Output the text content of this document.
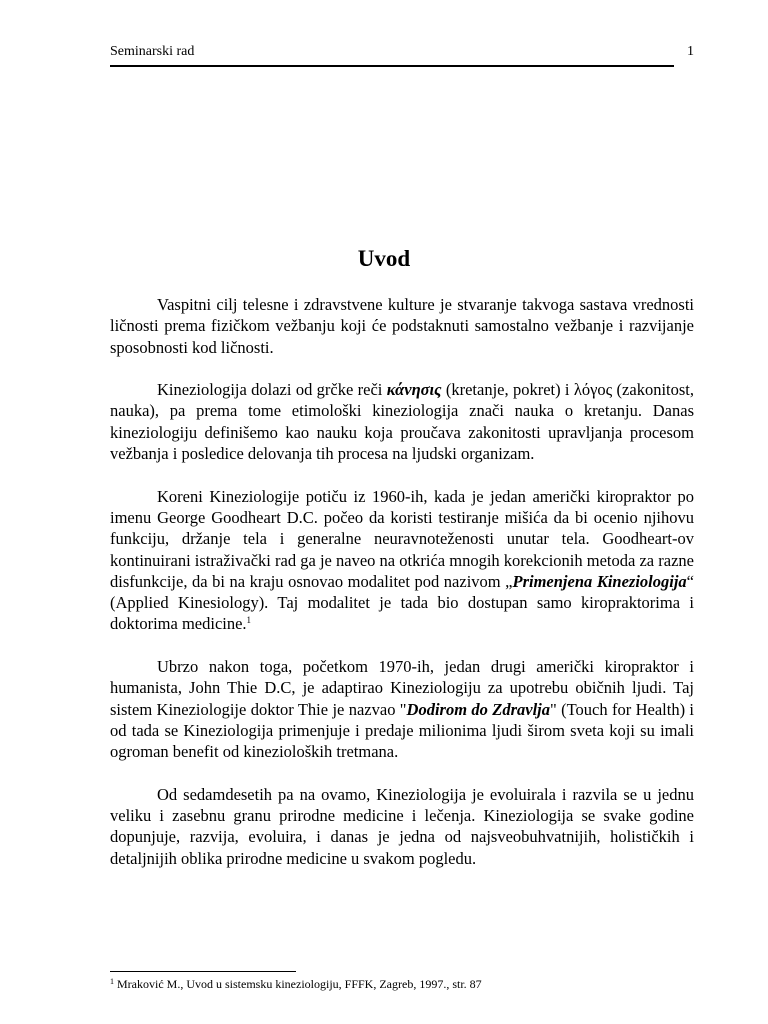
Seminarski rad	1
Uvod

Vaspitni cilj telesne i zdravstvene kulture je stvaranje takvoga sastava vrednosti ličnosti prema fizičkom vežbanju koji će podstaknuti samostalno vežbanje i razvijanje sposobnosti kod ličnosti.

Kineziologija dolazi od grčke reči κάνησις (kretanje, pokret) i λόγος (zakonitost, nauka), pa prema tome etimološki kineziologija znači nauka o kretanju. Danas kineziologiju definišemo kao nauku koja proučava zakonitosti upravljanja procesom vežbanja i posledice delovanja tih procesa na ljudski organizam.

Koreni Kineziologije potiču iz 1960-ih, kada je jedan američki kiropraktor po imenu George Goodheart D.C. počeo da koristi testiranje mišića da bi ocenio njihovu funkciju, držanje tela i generalne neuravnoteženosti unutar tela. Goodheart-ov kontinuirani istraživački rad ga je naveo na otkrića mnogih korekcionih metoda za razne disfunkcije, da bi na kraju osnovao modalitet pod nazivom „Primenjena Kineziologija“ (Applied Kinesiology). Taj modalitet je tada bio dostupan samo kiropraktorima i doktorima medicine.$^1$

Ubrzo nakon toga, početkom 1970-ih, jedan drugi američki kiropraktor i humanista, John Thie D.C, je adaptirao Kineziologiju za upotrebu običnih ljudi. Taj sistem Kineziologije doktor Thie je nazvao "Dodirom do Zdravlja" (Touch for Health) i od tada se Kineziologija primenjuje i predaje milionima ljudi širom sveta koji su imali ogroman benefit od kinezioloških tretmana.

Od sedamdesetih pa na ovamo, Kineziologija je evoluirala i razvila se u jednu veliku i zasebnu granu prirodne medicine i lečenja. Kineziologija se svake godine dopunjuje, razvija, evoluira, i danas je jedna od najsveobuhvatnijih, holističkih i detaljnijih oblika prirodne medicine u svakom pogledu.

$^1$ Mraković M., Uvod u sistemsku kineziologiju, FFFK, Zagreb, 1997., str. 87
